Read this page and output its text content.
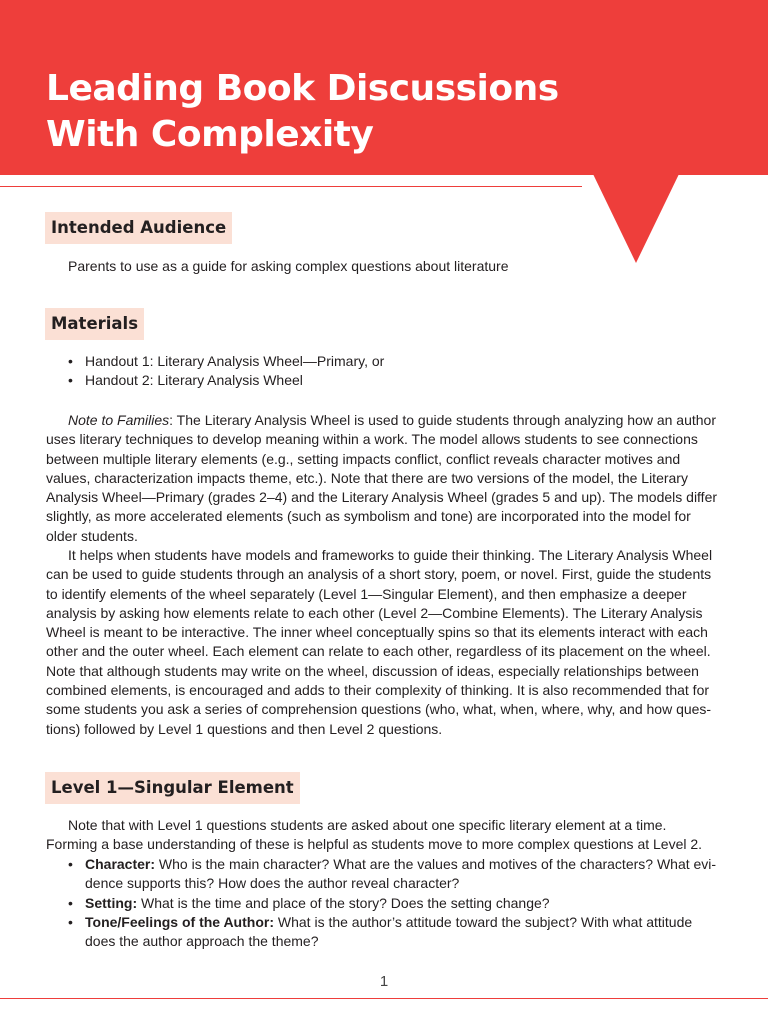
Leading Book Discussions
With Complexity
Intended Audience
Parents to use as a guide for asking complex questions about literature
Materials
• Handout 1: Literary Analysis Wheel—Primary, or
• Handout 2: Literary Analysis Wheel
Note to Families: The Literary Analysis Wheel is used to guide students through analyzing how an author
uses literary techniques to develop meaning within a work. The model allows students to see connections
between multiple literary elements (e.g., setting impacts conflict, conflict reveals character motives and
values, characterization impacts theme, etc.). Note that there are two versions of the model, the Literary
Analysis Wheel—Primary (grades 2–4) and the Literary Analysis Wheel (grades 5 and up). The models differ
slightly, as more accelerated elements (such as symbolism and tone) are incorporated into the model for
older students.
It helps when students have models and frameworks to guide their thinking. The Literary Analysis Wheel
can be used to guide students through an analysis of a short story, poem, or novel. First, guide the students
to identify elements of the wheel separately (Level 1—Singular Element), and then emphasize a deeper
analysis by asking how elements relate to each other (Level 2—Combine Elements). The Literary Analysis
Wheel is meant to be interactive. The inner wheel conceptually spins so that its elements interact with each
other and the outer wheel. Each element can relate to each other, regardless of its placement on the wheel.
Note that although students may write on the wheel, discussion of ideas, especially relationships between
combined elements, is encouraged and adds to their complexity of thinking. It is also recommended that for
some students you ask a series of comprehension questions (who, what, when, where, why, and how ques-
tions) followed by Level 1 questions and then Level 2 questions.
Level 1—Singular Element
Note that with Level 1 questions students are asked about one specific literary element at a time.
Forming a base understanding of these is helpful as students move to more complex questions at Level 2.
• Character: Who is the main character? What are the values and motives of the characters? What evi-
dence supports this? How does the author reveal character?
• Setting: What is the time and place of the story? Does the setting change?
• Tone/Feelings of the Author: What is the author’s attitude toward the subject? With what attitude
does the author approach the theme?
1
